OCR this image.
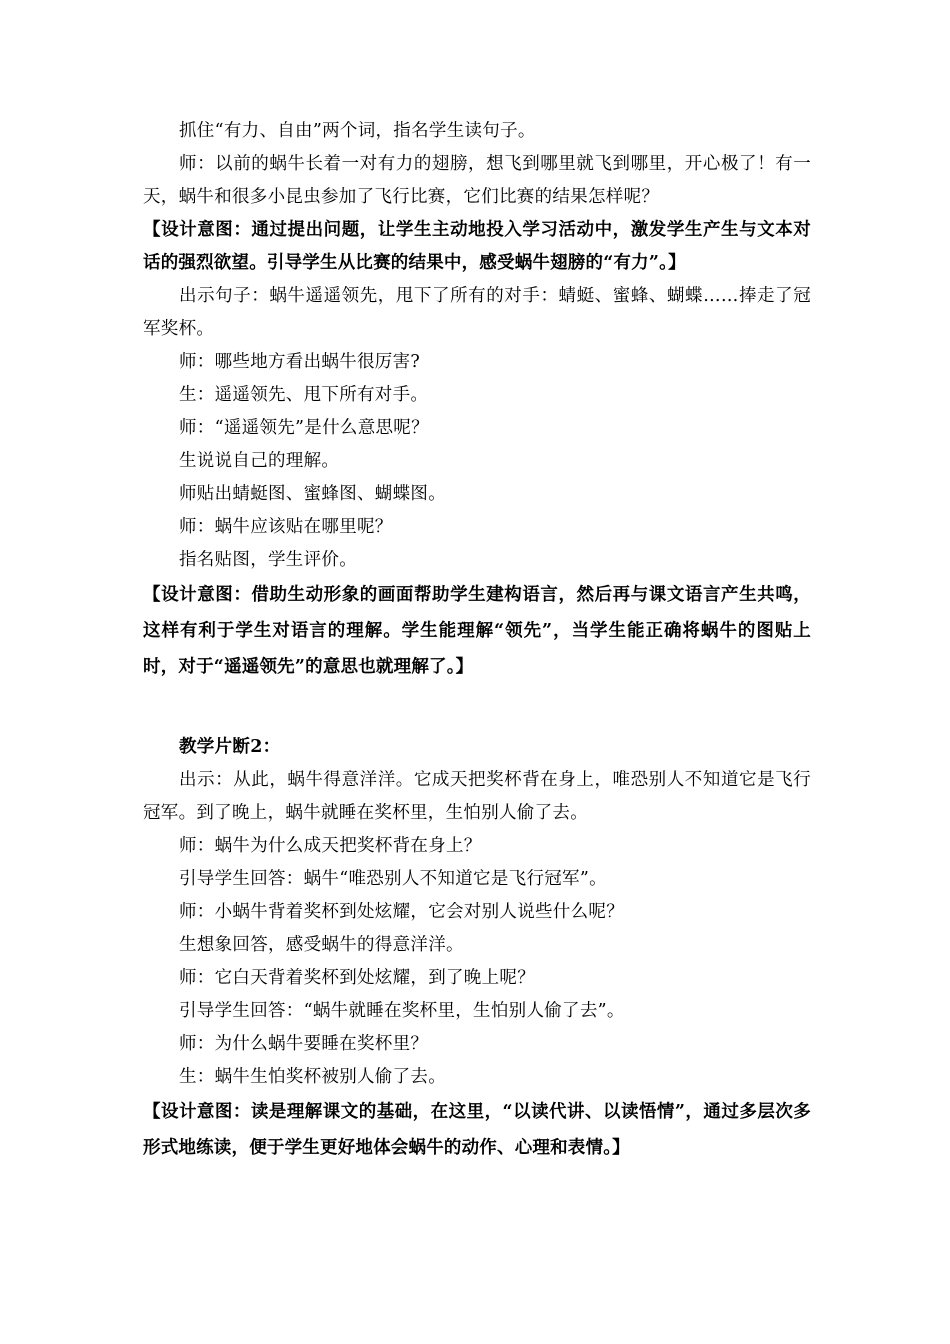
抓住“有力、自由”两个词，指名学生读句子。

师：以前的蜗牛长着一对有力的翅膀，想飞到哪里就飞到哪里，开心极了！有一天，蜗牛和很多小昆虫参加了飞行比赛，它们比赛的结果怎样呢？

【设计意图：通过提出问题，让学生主动地投入学习活动中，激发学生产生与文本对话的强烈欲望。引导学生从比赛的结果中，感受蜗牛翅膀的“有力”。】

出示句子：蜗牛遥遥领先，甩下了所有的对手：蜻蜓、蜜蜂、蝴蝶……捧走了冠军奖杯。

师：哪些地方看出蜗牛很厉害?

生：遥遥领先、甩下所有对手。

师：“遥遥领先”是什么意思呢？

生说说自己的理解。

师贴出蜻蜓图、蜜蜂图、蝴蝶图。

师：蜗牛应该贴在哪里呢？

指名贴图，学生评价。

【设计意图：借助生动形象的画面帮助学生建构语言，然后再与课文语言产生共鸣，这样有利于学生对语言的理解。学生能理解“领先”，当学生能正确将蜗牛的图贴上时，对于“遥遥领先”的意思也就理解了。】

教学片断2：

出示：从此，蜗牛得意洋洋。它成天把奖杯背在身上，唯恐别人不知道它是飞行冠军。到了晚上，蜗牛就睡在奖杯里，生怕别人偷了去。

师：蜗牛为什么成天把奖杯背在身上？

引导学生回答：蜗牛“唯恐别人不知道它是飞行冠军”。

师：小蜗牛背着奖杯到处炫耀，它会对别人说些什么呢？

生想象回答，感受蜗牛的得意洋洋。

师：它白天背着奖杯到处炫耀，到了晚上呢？

引导学生回答：“蜗牛就睡在奖杯里，生怕别人偷了去”。

师：为什么蜗牛要睡在奖杯里？

生：蜗牛生怕奖杯被别人偷了去。

【设计意图：读是理解课文的基础，在这里，“以读代讲、以读悟情”，通过多层次多形式地练读，便于学生更好地体会蜗牛的动作、心理和表情。】
